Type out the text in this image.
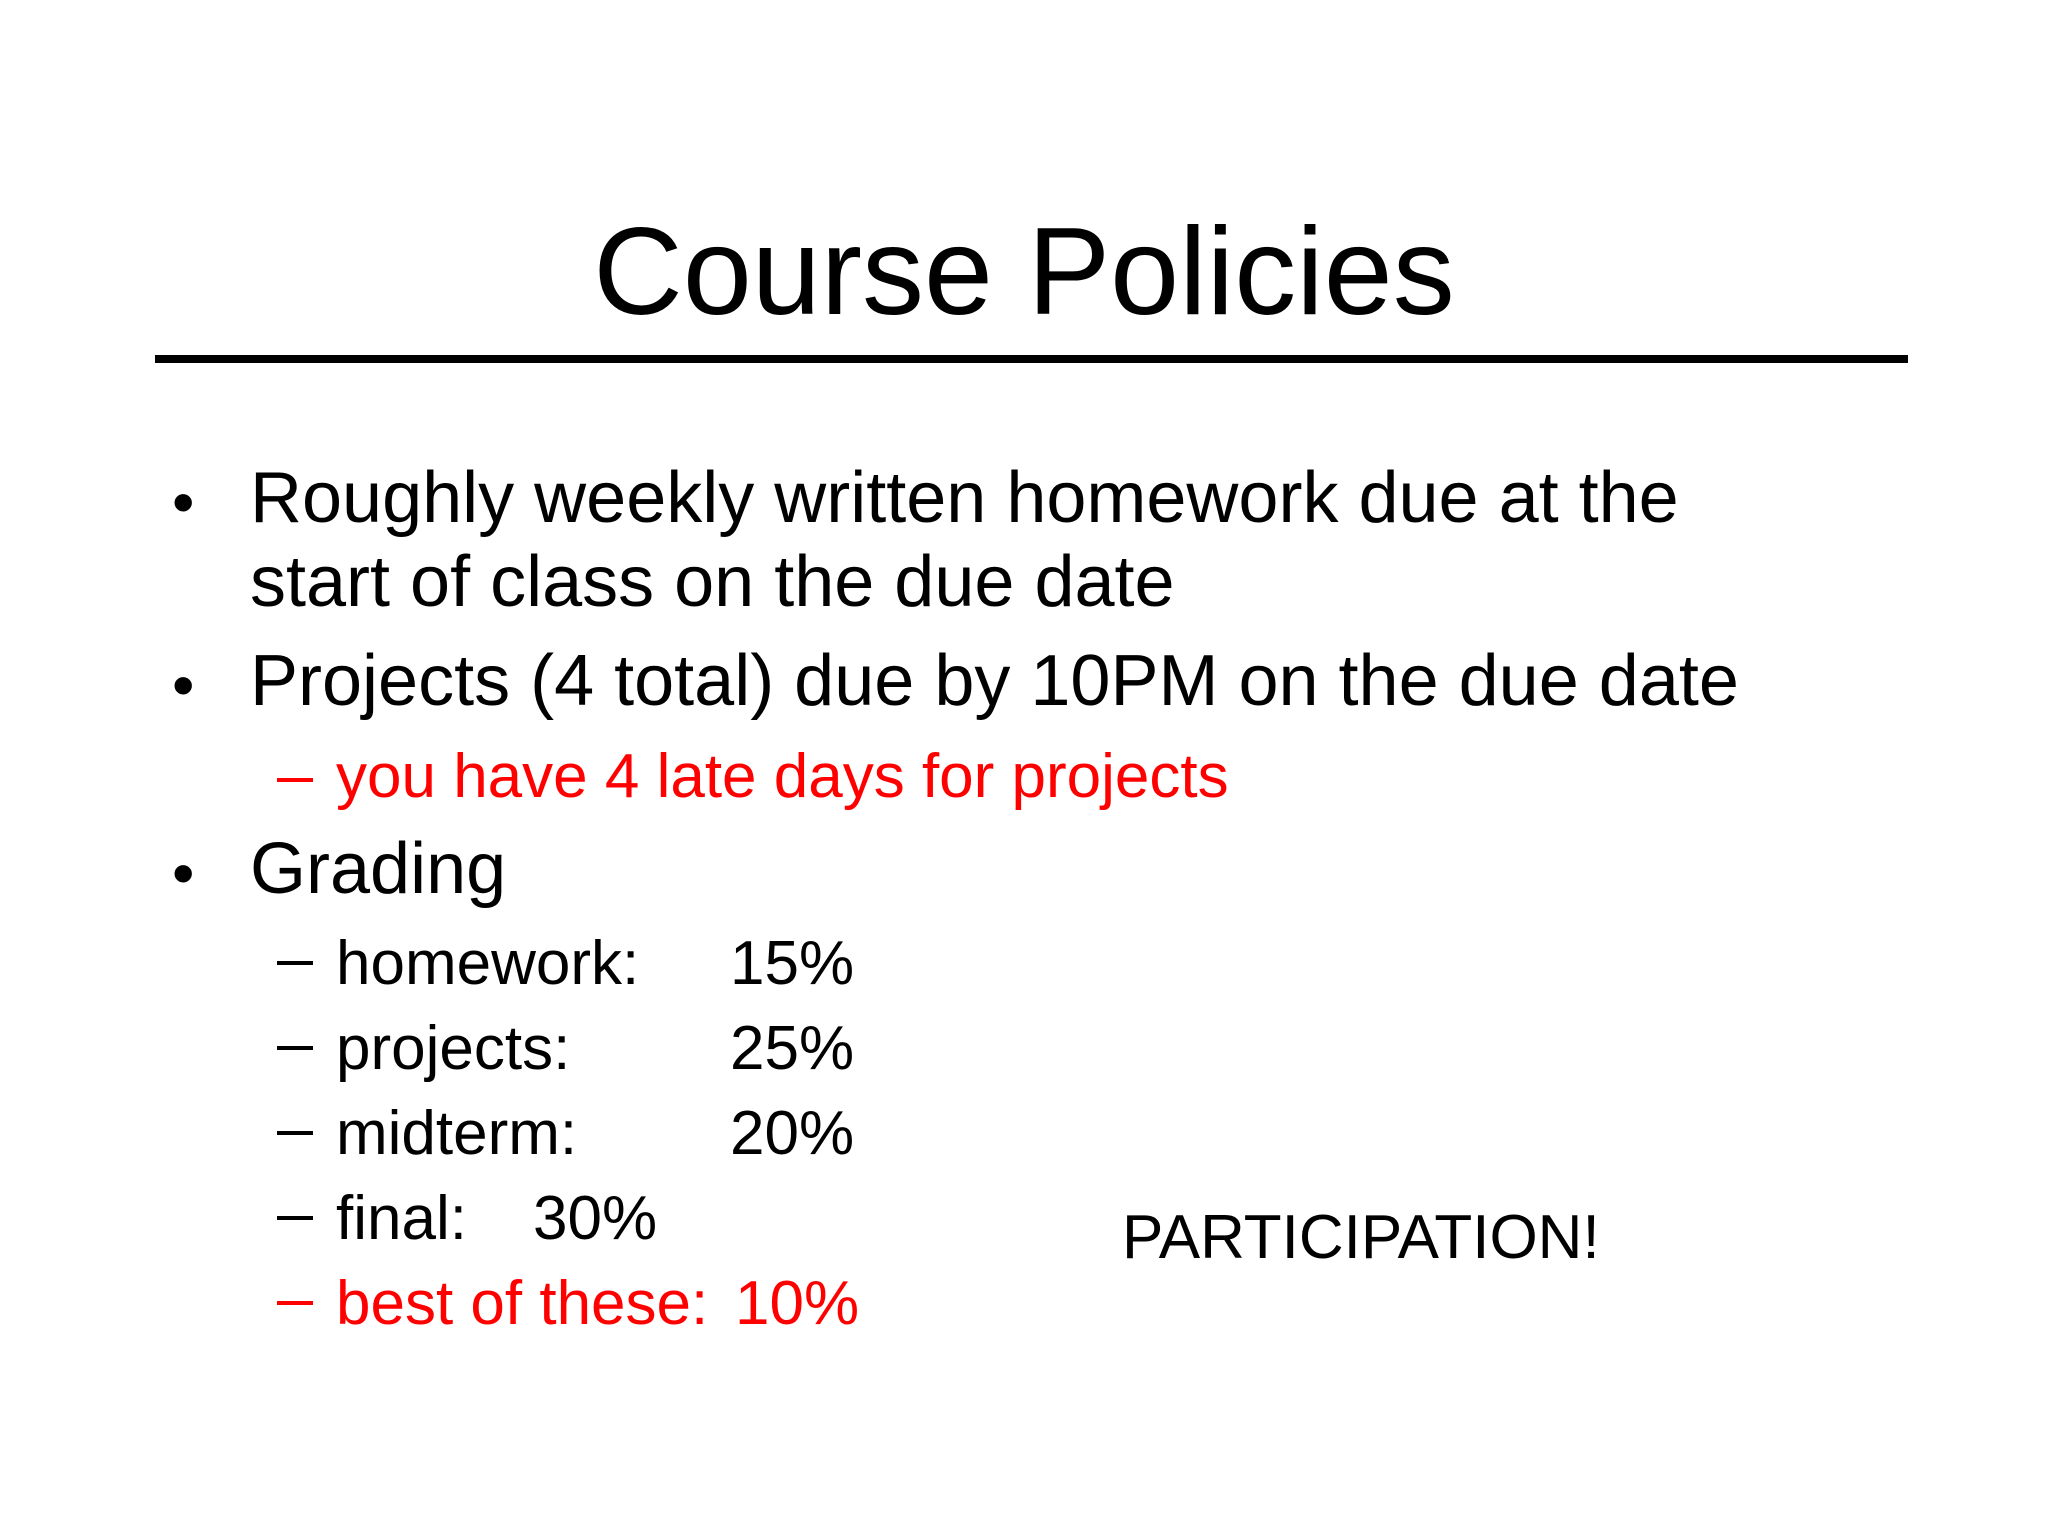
Course Policies
• Roughly weekly written homework due at the
start of class on the due date
• Projects (4 total) due by 10PM on the due date
you have 4 late days for projects
• Grading
homework: 15%
projects:	25%
midterm: 20%
final: 30%
best of these: 10%
PARTICIPATION!
